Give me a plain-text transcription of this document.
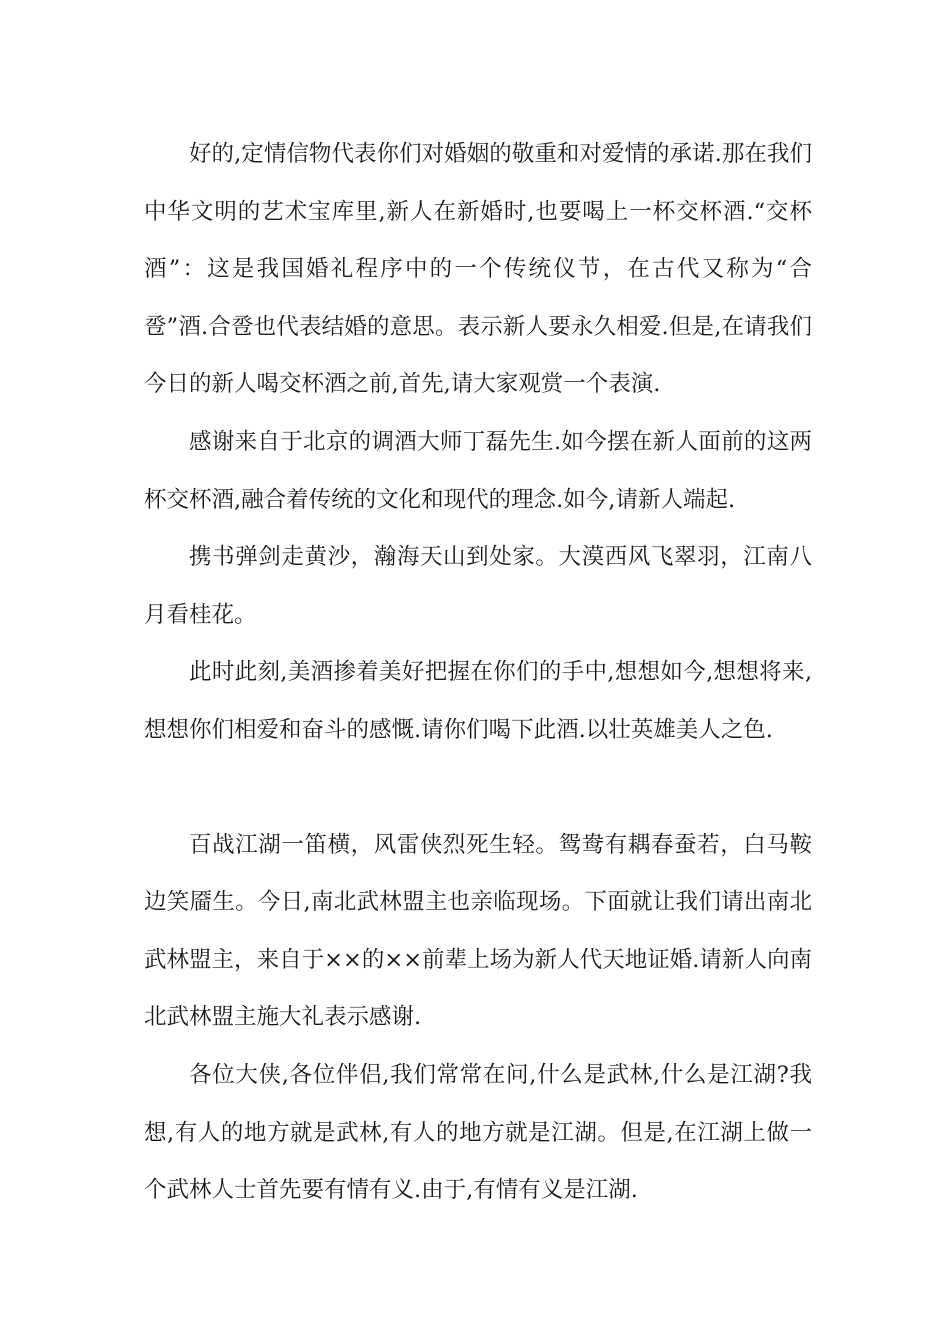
好的,定情信物代表你们对婚姻的敬重和对爱情的承诺.那在我们中华文明的艺术宝库里,新人在新婚时,也要喝上一杯交杯酒.“交杯酒”：这是我国婚礼程序中的一个传统仪节，在古代又称为“合卺”酒.合卺也代表结婚的意思。表示新人要永久相爱.但是,在请我们今日的新人喝交杯酒之前,首先,请大家观赏一个表演.

感谢来自于北京的调酒大师丁磊先生.如今摆在新人面前的这两杯交杯酒,融合着传统的文化和现代的理念.如今,请新人端起.

携书弹剑走黄沙，瀚海天山到处家。大漠西风飞翠羽，江南八月看桂花。

此时此刻,美酒掺着美好把握在你们的手中,想想如今,想想将来,想想你们相爱和奋斗的感慨.请你们喝下此酒.以壮英雄美人之色.

百战江湖一笛横，风雷侠烈死生轻。鸳鸯有耦春蚕若，白马鞍边笑靥生。今日,南北武林盟主也亲临现场。下面就让我们请出南北武林盟主，来自于××的××前辈上场为新人代天地证婚.请新人向南北武林盟主施大礼表示感谢.

各位大侠,各位伴侣,我们常常在问,什么是武林,什么是江湖?我想,有人的地方就是武林,有人的地方就是江湖。但是,在江湖上做一个武林人士首先要有情有义.由于,有情有义是江湖.
